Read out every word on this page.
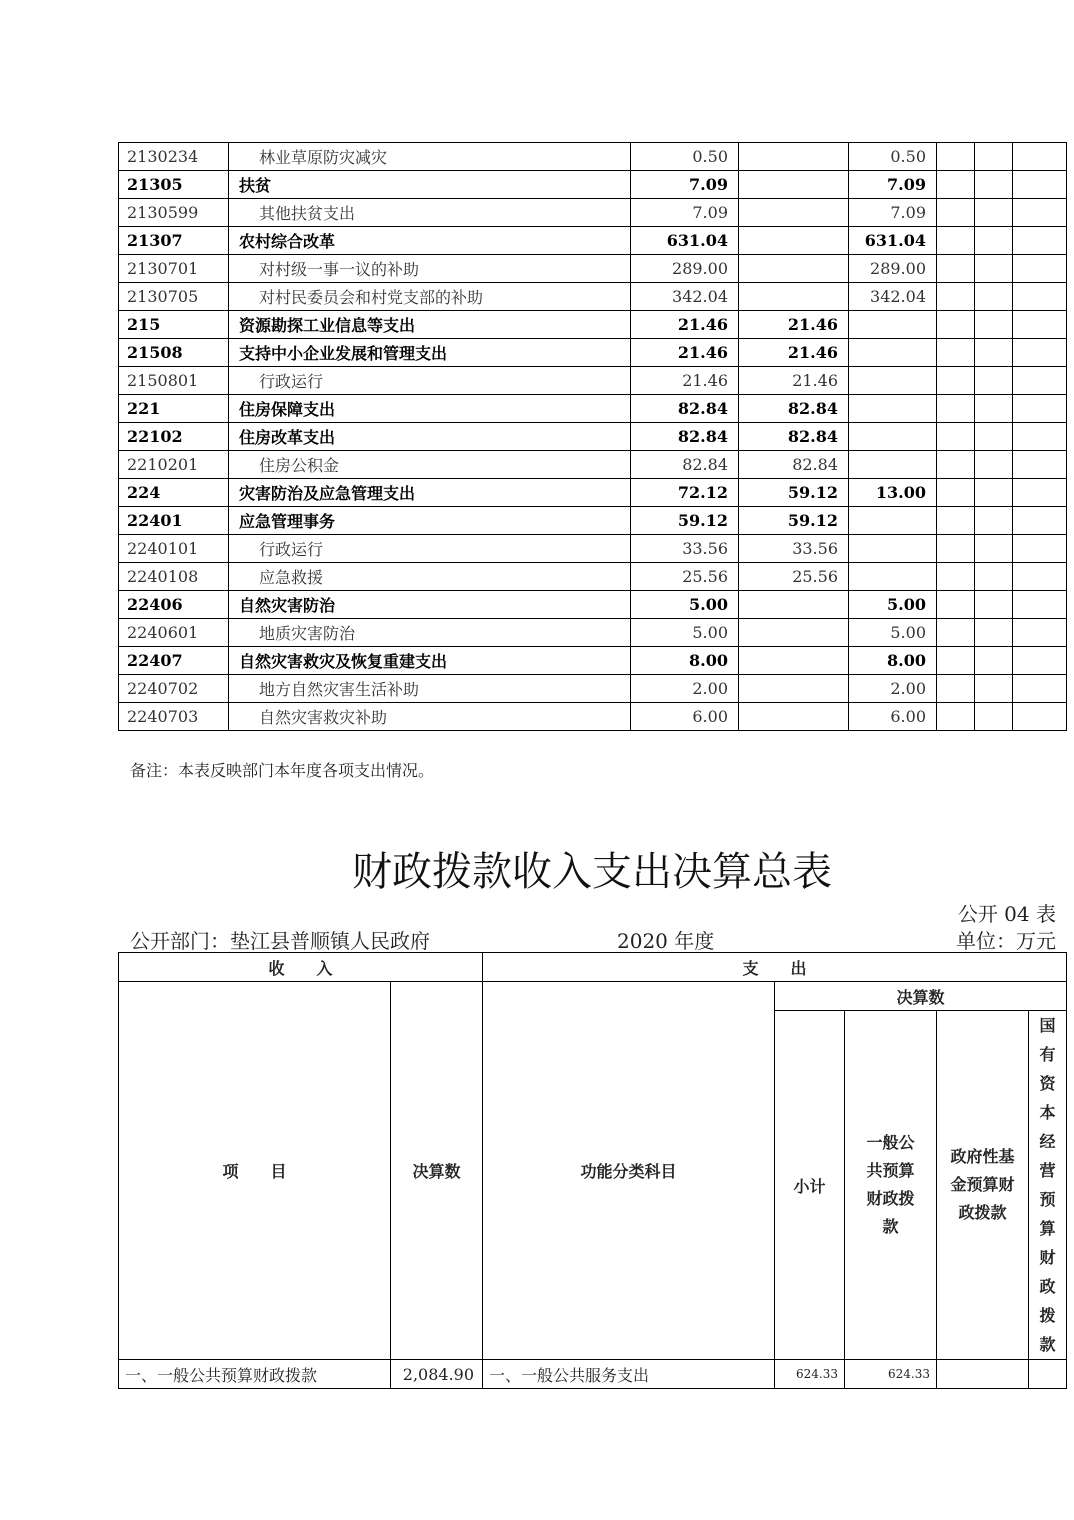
2130234	林业草原防灾减灾	0.50		0.50			
21305	扶贫	7.09		7.09			
2130599	其他扶贫支出	7.09		7.09			
21307	农村综合改革	631.04		631.04			
2130701	对村级一事一议的补助	289.00		289.00			
2130705	对村民委员会和村党支部的补助	342.04		342.04			
215	资源勘探工业信息等支出	21.46	21.46				
21508	支持中小企业发展和管理支出	21.46	21.46				
2150801	行政运行	21.46	21.46				
221	住房保障支出	82.84	82.84				
22102	住房改革支出	82.84	82.84				
2210201	住房公积金	82.84	82.84				
224	灾害防治及应急管理支出	72.12	59.12	13.00			
22401	应急管理事务	59.12	59.12				
2240101	行政运行	33.56	33.56				
2240108	应急救援	25.56	25.56				
22406	自然灾害防治	5.00		5.00			
2240601	地质灾害防治	5.00		5.00			
22407	自然灾害救灾及恢复重建支出	8.00		8.00			
2240702	地方自然灾害生活补助	2.00		2.00			
2240703	自然灾害救灾补助	6.00		6.00			
备注：本表反映部门本年度各项支出情况。
财政拨款收入支出决算总表
公开 04 表
公开部门：垫江县普顺镇人民政府	2020 年度	单位：万元
收　　入		支　　出				
项　　目	决算数	功能分类科目	决算数			
			小计	一般公共预算财政拨款	政府性基金预算财政拨款	国有资本经营预算财政拨款
一、一般公共预算财政拨款	2,084.90	一、一般公共服务支出	624.33	624.33		
